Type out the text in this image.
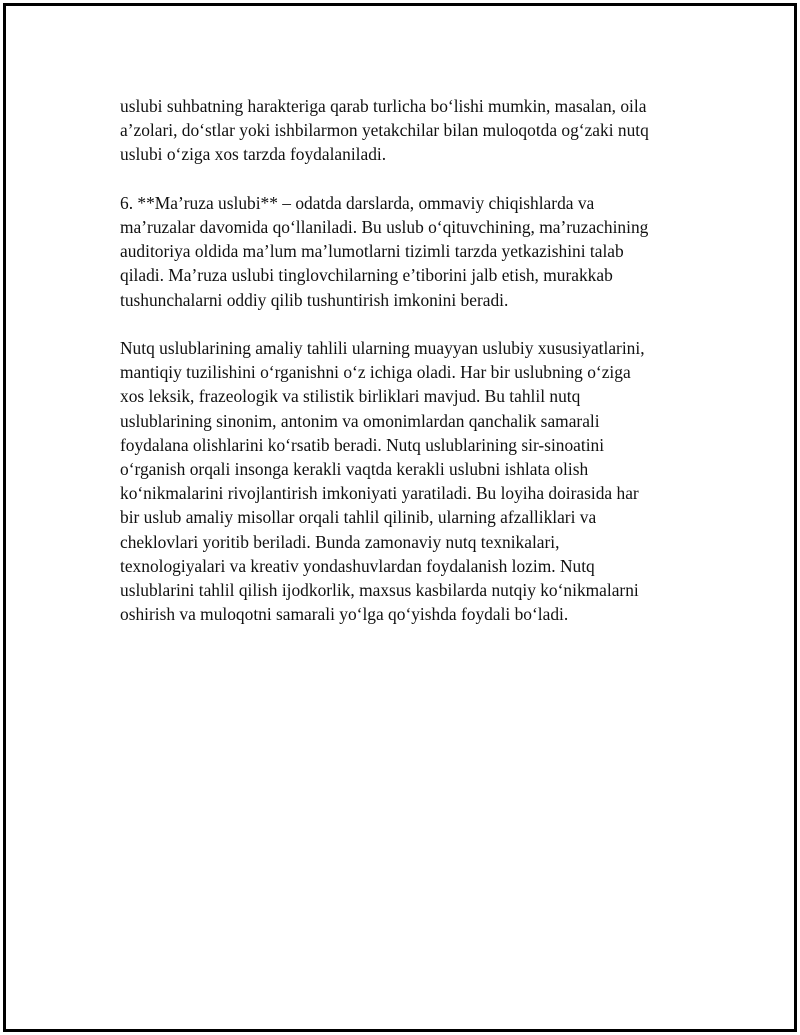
uslubi suhbatning harakteriga qarab turlicha bo‘lishi mumkin, masalan, oila
a’zolari, do‘stlar yoki ishbilarmon yetakchilar bilan muloqotda og‘zaki nutq
uslubi o‘ziga xos tarzda foydalaniladi.

6. **Ma’ruza uslubi** – odatda darslarda, ommaviy chiqishlarda va
ma’ruzalar davomida qo‘llaniladi. Bu uslub o‘qituvchining, ma’ruzachining
auditoriya oldida ma’lum ma’lumotlarni tizimli tarzda yetkazishini talab
qiladi. Ma’ruza uslubi tinglovchilarning e’tiborini jalb etish, murakkab
tushunchalarni oddiy qilib tushuntirish imkonini beradi.

Nutq uslublarining amaliy tahlili ularning muayyan uslubiy xususiyatlarini,
mantiqiy tuzilishini o‘rganishni o‘z ichiga oladi. Har bir uslubning o‘ziga
xos leksik, frazeologik va stilistik birliklari mavjud. Bu tahlil nutq
uslublarining sinonim, antonim va omonimlardan qanchalik samarali
foydalana olishlarini ko‘rsatib beradi. Nutq uslublarining sir-sinoatini
o‘rganish orqali insonga kerakli vaqtda kerakli uslubni ishlata olish
ko‘nikmalarini rivojlantirish imkoniyati yaratiladi. Bu loyiha doirasida har
bir uslub amaliy misollar orqali tahlil qilinib, ularning afzalliklari va
cheklovlari yoritib beriladi. Bunda zamonaviy nutq texnikalari,
texnologiyalari va kreativ yondashuvlardan foydalanish lozim. Nutq
uslublarini tahlil qilish ijodkorlik, maxsus kasbilarda nutqiy ko‘nikmalarni
oshirish va muloqotni samarali yo‘lga qo‘yishda foydali bo‘ladi.
